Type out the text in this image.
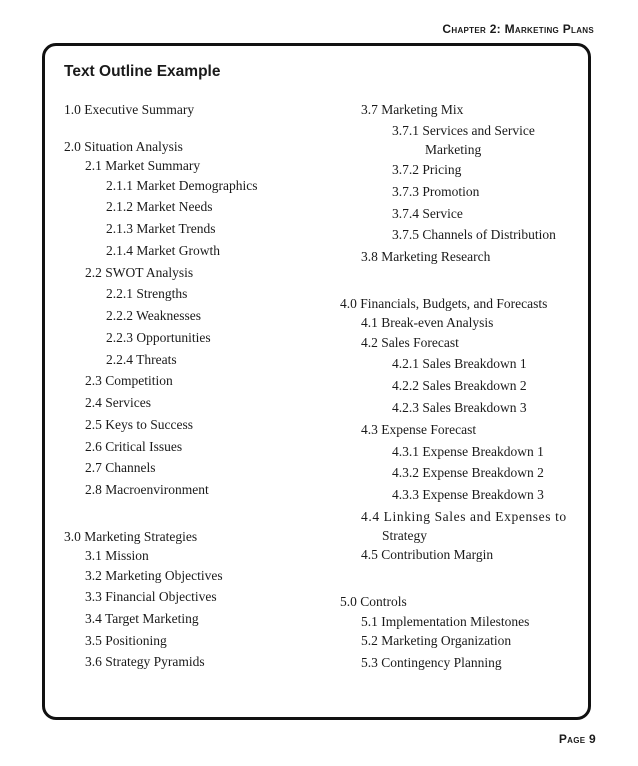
Chapter 2: Marketing Plans
Text Outline Example
1.0 Executive Summary
2.0 Situation Analysis
2.1 Market Summary
2.1.1 Market Demographics
2.1.2 Market Needs
2.1.3 Market Trends
2.1.4 Market Growth
2.2 SWOT Analysis
2.2.1 Strengths
2.2.2 Weaknesses
2.2.3 Opportunities
2.2.4 Threats
2.3 Competition
2.4 Services
2.5 Keys to Success
2.6 Critical Issues
2.7 Channels
2.8 Macroenvironment
3.0 Marketing Strategies
3.1 Mission
3.2 Marketing Objectives
3.3 Financial Objectives
3.4 Target Marketing
3.5 Positioning
3.6 Strategy Pyramids
3.7 Marketing Mix
3.7.1 Services and Service
Marketing
3.7.2 Pricing
3.7.3 Promotion
3.7.4 Service
3.7.5 Channels of Distribution
3.8 Marketing Research
4.0 Financials, Budgets, and Forecasts
4.1 Break-even Analysis
4.2 Sales Forecast
4.2.1 Sales Breakdown 1
4.2.2 Sales Breakdown 2
4.2.3 Sales Breakdown 3
4.3 Expense Forecast
4.3.1 Expense Breakdown 1
4.3.2 Expense Breakdown 2
4.3.3 Expense Breakdown 3
4.4 Linking Sales and Expenses to
Strategy
4.5 Contribution Margin
5.0 Controls
5.1 Implementation Milestones
5.2 Marketing Organization
5.3 Contingency Planning
Page 9
